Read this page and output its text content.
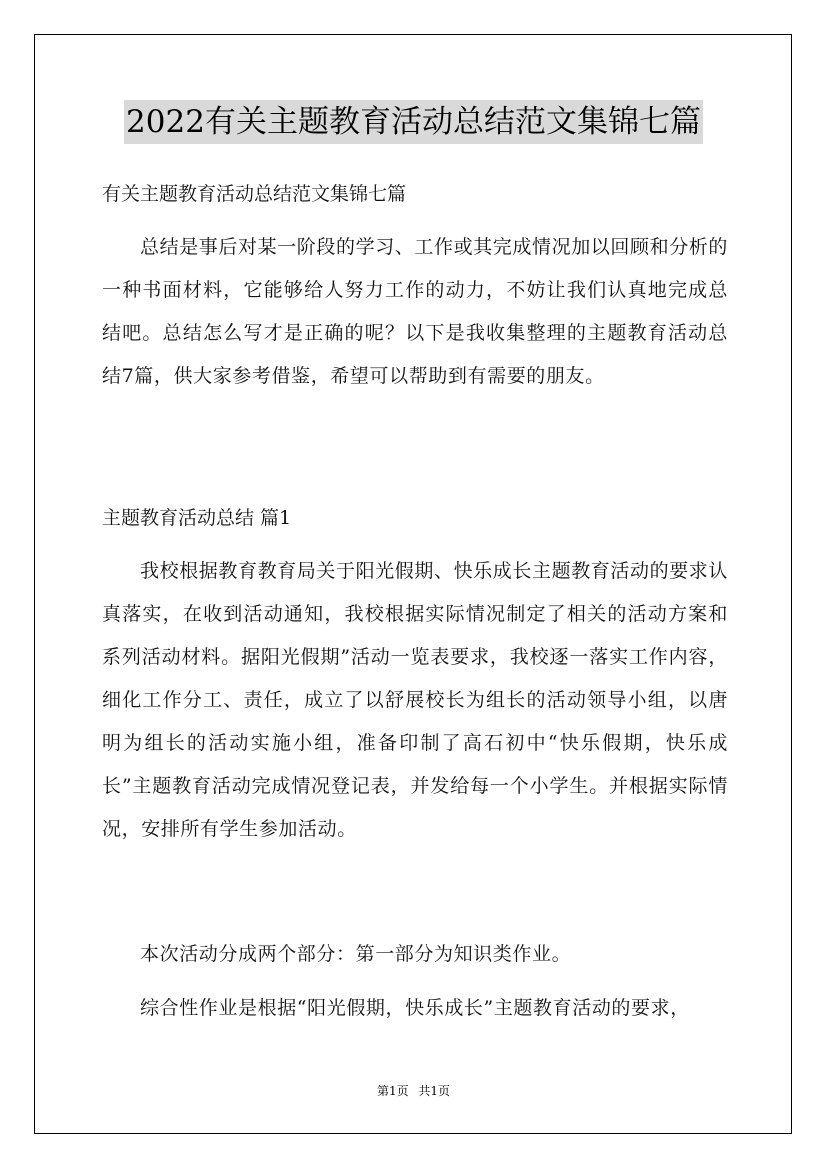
2022有关主题教育活动总结范文集锦七篇
有关主题教育活动总结范文集锦七篇

总结是事后对某一阶段的学习、工作或其完成情况加以回顾和分析的一种书面材料，它能够给人努力工作的动力，不妨让我们认真地完成总结吧。总结怎么写才是正确的呢？以下是我收集整理的主题教育活动总结7篇，供大家参考借鉴，希望可以帮助到有需要的朋友。

主题教育活动总结 篇1

我校根据教育教育局关于阳光假期、快乐成长主题教育活动的要求认真落实，在收到活动通知，我校根据实际情况制定了相关的活动方案和系列活动材料。据阳光假期”活动一览表要求，我校逐一落实工作内容，细化工作分工、责任，成立了以舒展校长为组长的活动领导小组，以唐明为组长的活动实施小组，准备印制了高石初中“快乐假期，快乐成长”主题教育活动完成情况登记表，并发给每一个小学生。并根据实际情况，安排所有学生参加活动。

本次活动分成两个部分：第一部分为知识类作业。

综合性作业是根据“阳光假期，快乐成长”主题教育活动的要求，

第1页 共1页
